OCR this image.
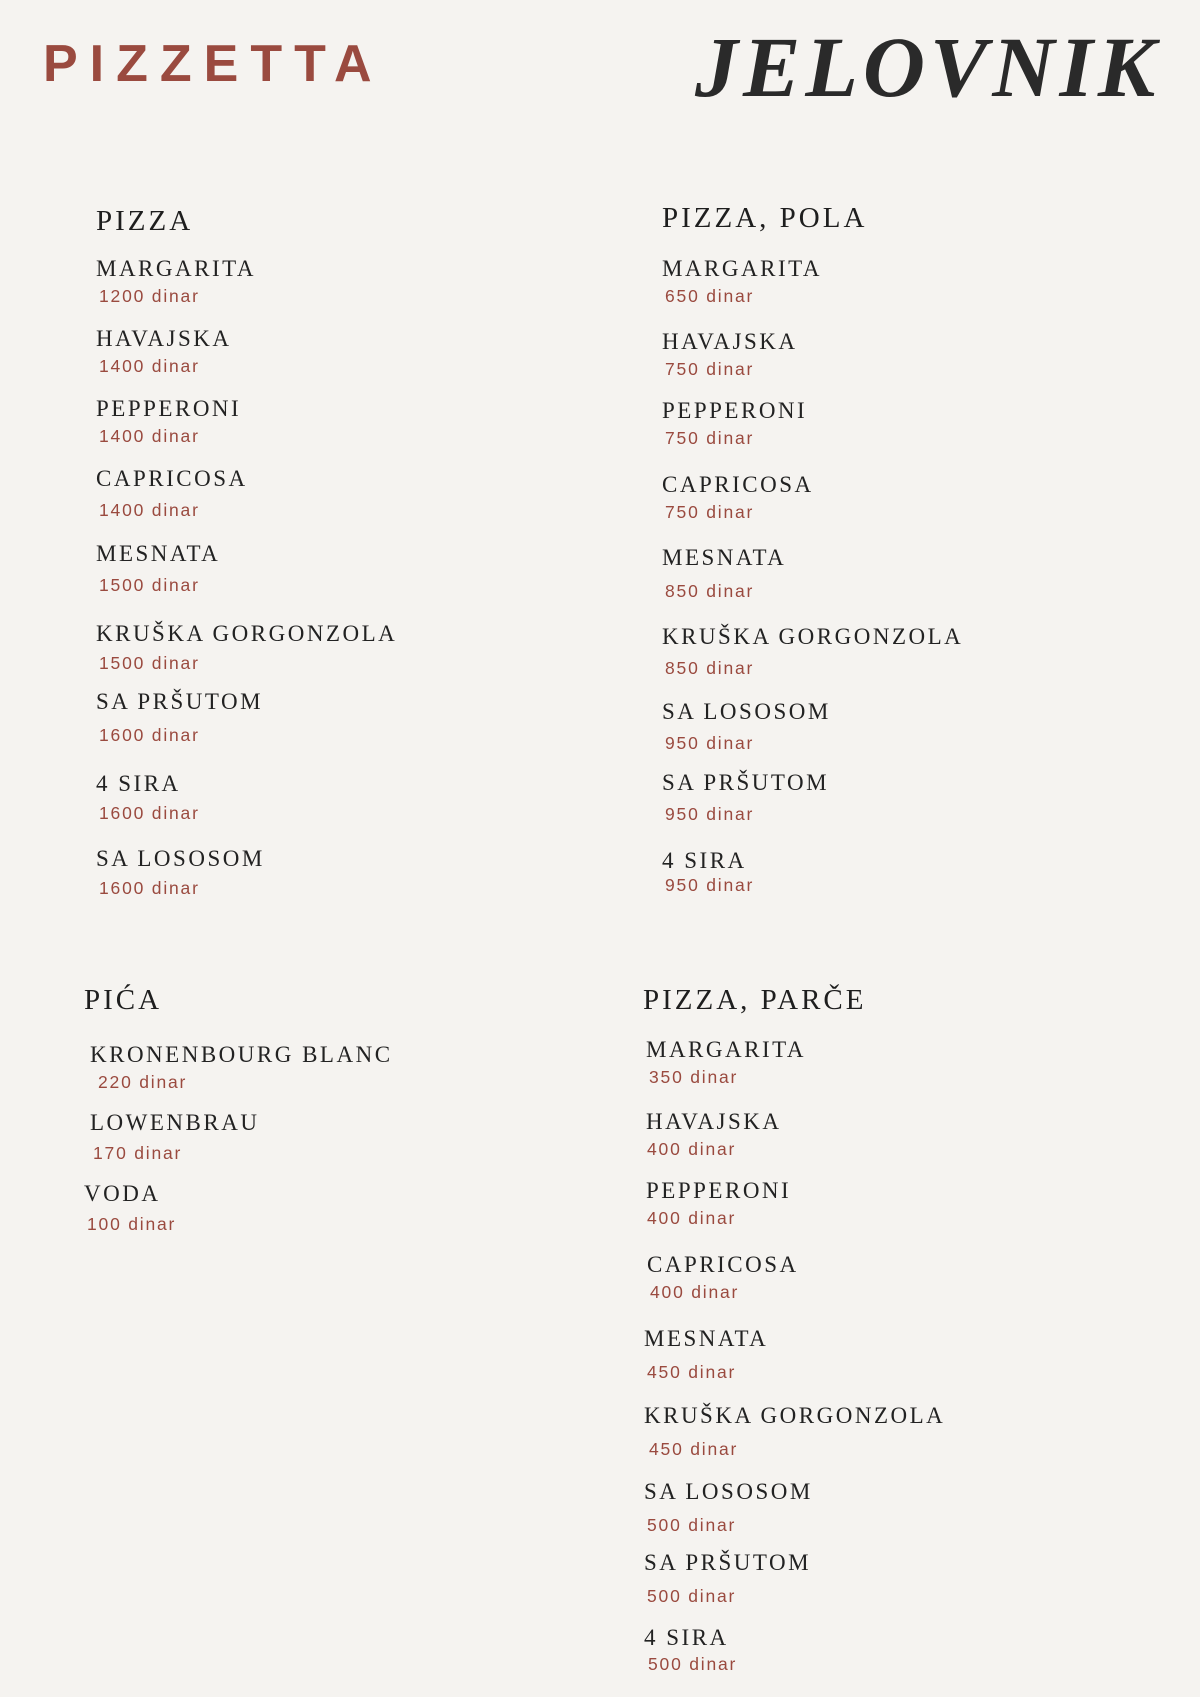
PIZZETTA	JELOVNIK
PIZZA
MARGARITA
1200 dinar
HAVAJSKA
1400 dinar
PEPPERONI
1400 dinar
CAPRICOSA
1400 dinar
MESNATA
1500 dinar
KRUŠKA GORGONZOLA
1500 dinar
SA PRŠUTOM
1600 dinar
4 SIRA
1600 dinar
SA LOSOSOM
1600 dinar
PIZZA, POLA
MARGARITA
650 dinar
HAVAJSKA
750 dinar
PEPPERONI
750 dinar
CAPRICOSA
750 dinar
MESNATA
850 dinar
KRUŠKA GORGONZOLA
850 dinar
SA LOSOSOM
950 dinar
SA PRŠUTOM
950 dinar
4 SIRA
950 dinar
PIĆA
KRONENBOURG BLANC
220 dinar
LOWENBRAU
170 dinar
VODA
100 dinar
PIZZA, PARČE
MARGARITA
350 dinar
HAVAJSKA
400 dinar
PEPPERONI
400 dinar
CAPRICOSA
400 dinar
MESNATA
450 dinar
KRUŠKA GORGONZOLA
450 dinar
SA LOSOSOM
500 dinar
SA PRŠUTOM
500 dinar
4 SIRA
500 dinar
